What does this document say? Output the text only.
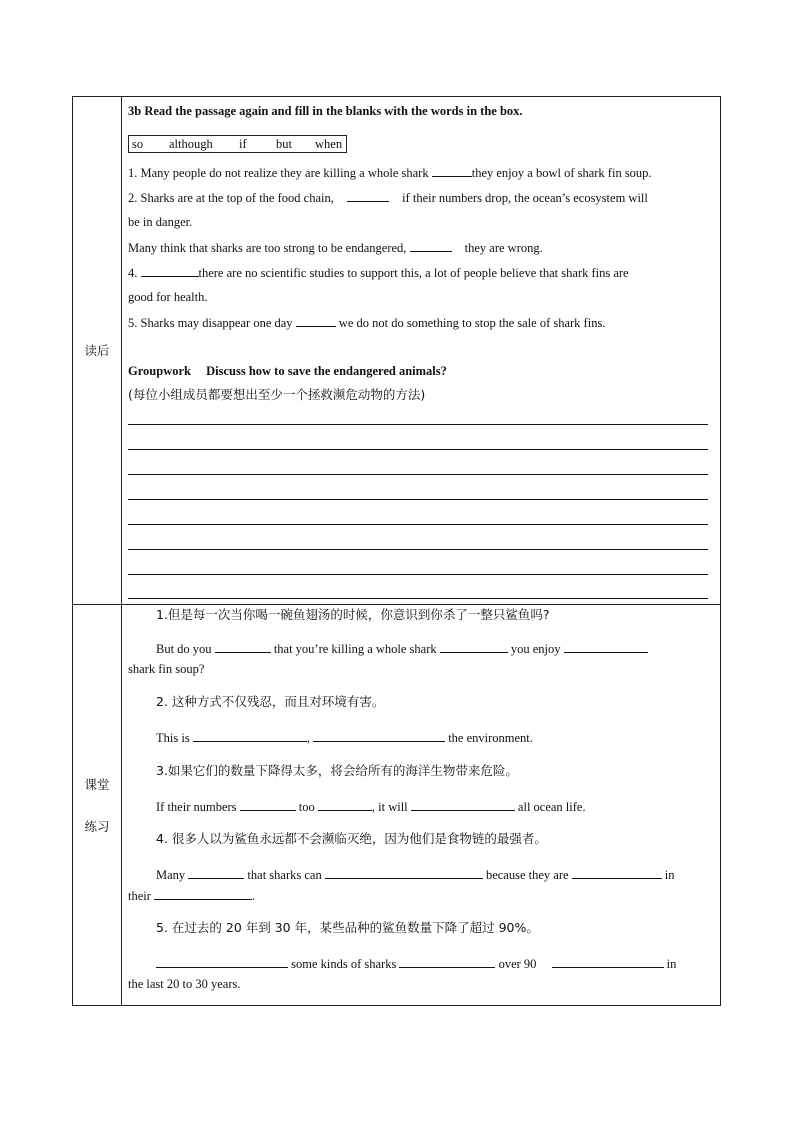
读后
3b Read the passage again and fill in the blanks with the words in the box.
so although if but when
1. Many people do not realize they are killing a whole shark	they enjoy a bowl of shark fin soup.
2. Sharks are at the top of the food chain,	if their numbers drop, the ocean’s ecosystem will
be in danger.
Many think that sharks are too strong to be endangered,	they are wrong.
4.	there are no scientific studies to support this, a lot of people believe that shark fins are
good for health.
5. Sharks may disappear one day	we do not do something to stop the sale of shark fins.
Groupwork Discuss how to save the endangered animals?
(每位小组成员都要想出至少一个拯救濒危动物的方法)
课堂
练习
1.但是每一次当你喝一碗鱼翅汤的时候，你意识到你杀了一整只鲨鱼吗?
But do you	that you’re killing a whole shark	you enjoy
shark fin soup?
2. 这种方式不仅残忍，而且对环境有害。
This is	,	the environment.
3.如果它们的数量下降得太多，将会给所有的海洋生物带来危险。
If their numbers	too	, it will	all ocean life.
4. 很多人以为鲨鱼永远都不会濒临灭绝，因为他们是食物链的最强者。
Many	that sharks can	because they are	in
their	.
5. 在过去的 20 年到 30 年，某些品种的鲨鱼数量下降了超过 90%。
some kinds of sharks	over 90	in
the last 20 to 30 years.
